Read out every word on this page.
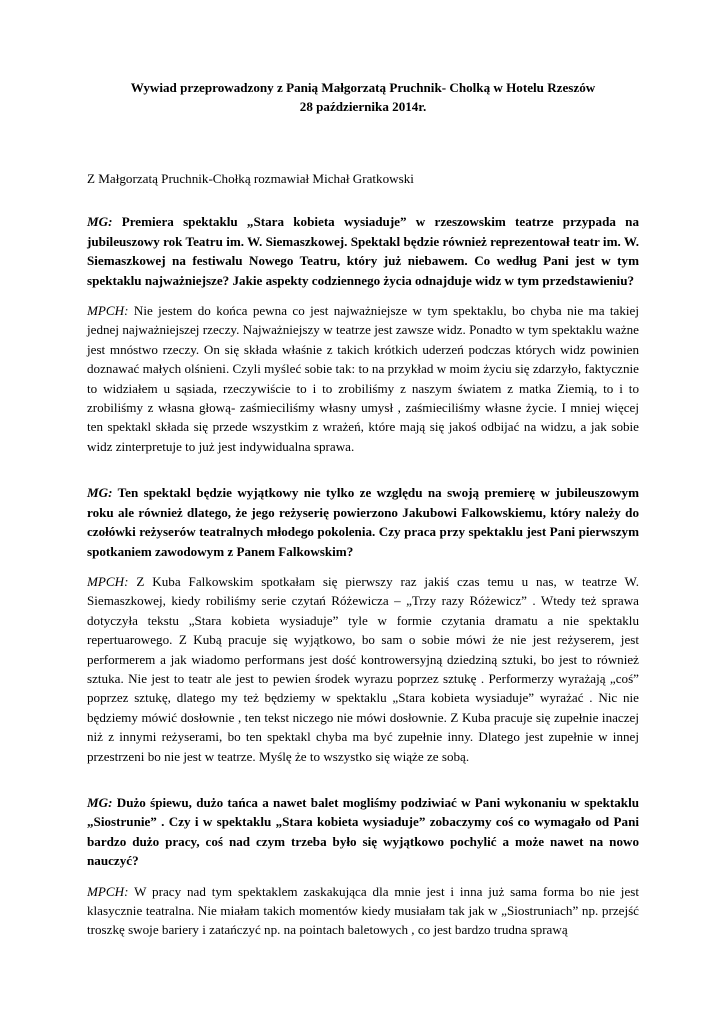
Wywiad przeprowadzony z Panią Małgorzatą Pruchnik- Cholką w Hotelu Rzeszów
28 października 2014r.

Z Małgorzatą Pruchnik-Chołką rozmawiał Michał Gratkowski

MG: Premiera spektaklu „Stara kobieta wysiaduje” w rzeszowskim teatrze przypada na jubileuszowy rok Teatru im. W. Siemaszkowej. Spektakl będzie również reprezentował teatr im. W. Siemaszkowej na festiwalu Nowego Teatru, który już niebawem. Co według Pani jest w tym spektaklu najważniejsze? Jakie aspekty codziennego życia odnajduje widz w tym przedstawieniu?

MPCH: Nie jestem do końca pewna co jest najważniejsze w tym spektaklu, bo chyba nie ma takiej jednej najważniejszej rzeczy. Najważniejszy w teatrze jest zawsze widz. Ponadto w tym spektaklu ważne jest mnóstwo rzeczy. On się składa właśnie z takich krótkich uderzeń podczas których widz powinien doznawać małych olśnieni. Czyli myśleć sobie tak: to na przykład w moim życiu się zdarzyło, faktycznie to widziałem u sąsiada, rzeczywiście to i to zrobiliśmy z naszym światem z matka Ziemią, to i to zrobiliśmy z własna głową- zaśmieciliśmy własny umysł , zaśmieciliśmy własne życie. I mniej więcej ten spektakl składa się przede wszystkim z wrażeń, które mają się jakoś odbijać na widzu, a jak sobie widz zinterpretuje to już jest indywidualna sprawa.

MG: Ten spektakl będzie wyjątkowy nie tylko ze względu na swoją premierę w jubileuszowym roku ale również dlatego, że jego reżyserię powierzono Jakubowi Falkowskiemu, który należy do czołówki reżyserów teatralnych młodego pokolenia. Czy praca przy spektaklu jest Pani pierwszym spotkaniem zawodowym z Panem Falkowskim?

MPCH: Z Kuba Falkowskim spotkałam się pierwszy raz jakiś czas temu u nas, w teatrze W. Siemaszkowej, kiedy robiliśmy serie czytań Różewicza – „Trzy razy Różewicz” . Wtedy też sprawa dotyczyła tekstu „Stara kobieta wysiaduje” tyle w formie czytania dramatu a nie spektaklu repertuarowego. Z Kubą pracuje się wyjątkowo, bo sam o sobie mówi że nie jest reżyserem, jest performerem a jak wiadomo performans jest dość kontrowersyjną dziedziną sztuki, bo jest to również sztuka. Nie jest to teatr ale jest to pewien środek wyrazu poprzez sztukę . Performerzy wyrażają „coś” poprzez sztukę, dlatego my też będziemy w spektaklu „Stara kobieta wysiaduje” wyrażać . Nic nie będziemy mówić dosłownie , ten tekst niczego nie mówi dosłownie. Z Kuba pracuje się zupełnie inaczej niż z innymi reżyserami, bo ten spektakl chyba ma być zupełnie inny. Dlatego jest zupełnie w innej przestrzeni bo nie jest w teatrze. Myślę że to wszystko się wiąże ze sobą.

MG: Dużo śpiewu, dużo tańca a nawet balet mogliśmy podziwiać w Pani wykonaniu w spektaklu „Siostrunie” . Czy i w spektaklu „Stara kobieta wysiaduje” zobaczymy coś co wymagało od Pani bardzo dużo pracy, coś nad czym trzeba było się wyjątkowo pochylić a może nawet na nowo nauczyć?

MPCH: W pracy nad tym spektaklem zaskakująca dla mnie jest i inna już sama forma bo nie jest klasycznie teatralna. Nie miałam takich momentów kiedy musiałam tak jak w „Siostruniach” np. przejść troszkę swoje bariery i zatańczyć np. na pointach baletowych , co jest bardzo trudna sprawą
